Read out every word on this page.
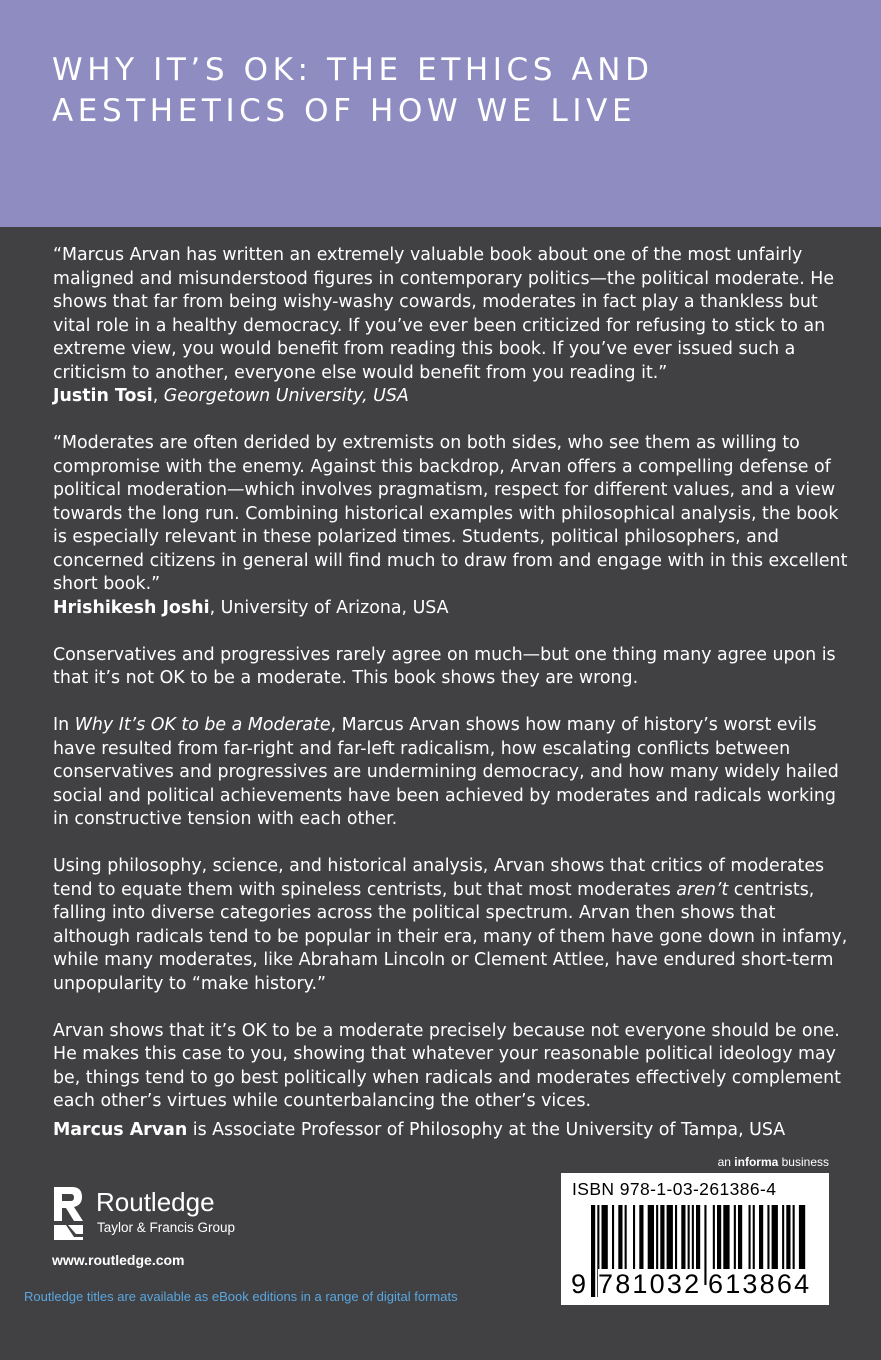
WHY IT’S OK: THE ETHICS AND
AESTHETICS OF HOW WE LIVE

“Marcus Arvan has written an extremely valuable book about one of the most unfairly maligned and misunderstood figures in contemporary politics—the political moderate. He shows that far from being wishy-washy cowards, moderates in fact play a thankless but vital role in a healthy democracy. If you’ve ever been criticized for refusing to stick to an extreme view, you would benefit from reading this book. If you’ve ever issued such a criticism to another, everyone else would benefit from you reading it.”

Justin Tosi, Georgetown University, USA

“Moderates are often derided by extremists on both sides, who see them as willing to compromise with the enemy. Against this backdrop, Arvan offers a compelling defense of political moderation—which involves pragmatism, respect for different values, and a view towards the long run. Combining historical examples with philosophical analysis, the book is especially relevant in these polarized times. Students, political philosophers, and concerned citizens in general will find much to draw from and engage with in this excellent short book.”

Hrishikesh Joshi, University of Arizona, USA

Conservatives and progressives rarely agree on much—but one thing many agree upon is that it’s not OK to be a moderate. This book shows they are wrong.

In Why It’s OK to be a Moderate, Marcus Arvan shows how many of history’s worst evils have resulted from far-right and far-left radicalism, how escalating conflicts between conservatives and progressives are undermining democracy, and how many widely hailed social and political achievements have been achieved by moderates and radicals working in constructive tension with each other.

Using philosophy, science, and historical analysis, Arvan shows that critics of moderates tend to equate them with spineless centrists, but that most moderates aren’t centrists, falling into diverse categories across the political spectrum. Arvan then shows that although radicals tend to be popular in their era, many of them have gone down in infamy, while many moderates, like Abraham Lincoln or Clement Attlee, have endured short-term unpopularity to “make history.”

Arvan shows that it’s OK to be a moderate precisely because not everyone should be one. He makes this case to you, showing that whatever your reasonable political ideology may be, things tend to go best politically when radicals and moderates effectively complement each other’s virtues while counterbalancing the other’s vices.

Marcus Arvan is Associate Professor of Philosophy at the University of Tampa, USA

Routledge
Taylor & Francis Group
www.routledge.com
Routledge titles are available as eBook editions in a range of digital formats
an informa business
ISBN 978-1-03-261386-4
9 781032 613864
